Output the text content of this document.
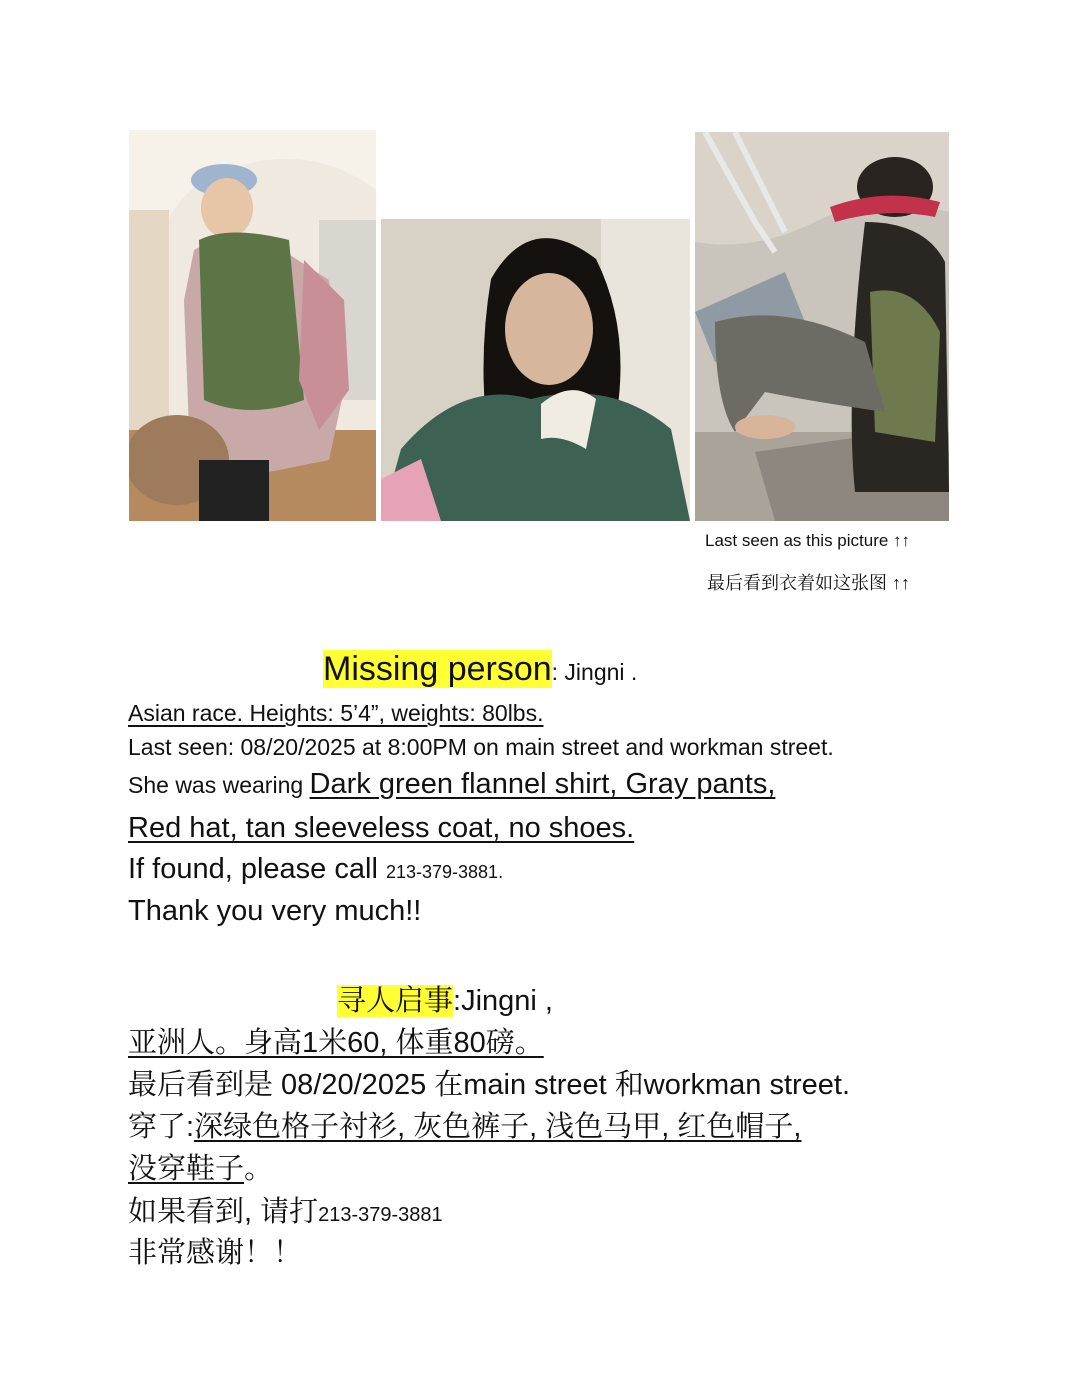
Last seen as this picture ↑↑
最后看到衣着如这张图 ↑↑
Missing person: Jingni .
Asian race. Heights: 5’4”, weights: 80lbs.
Last seen: 08/20/2025 at 8:00PM on main street and workman street.
She was wearing Dark green flannel shirt, Gray pants,
Red hat, tan sleeveless coat, no shoes.
If found, please call 213-379-3881.
Thank you very much!!
寻人启事:Jingni ,
亚洲人。身高1米60, 体重80磅。
最后看到是 08/20/2025 在main street 和workman street.
穿了:深绿色格子衬衫, 灰色裤子, 浅色马甲, 红色帽子,
没穿鞋子。
如果看到, 请打213-379-3881
非常感谢！！
